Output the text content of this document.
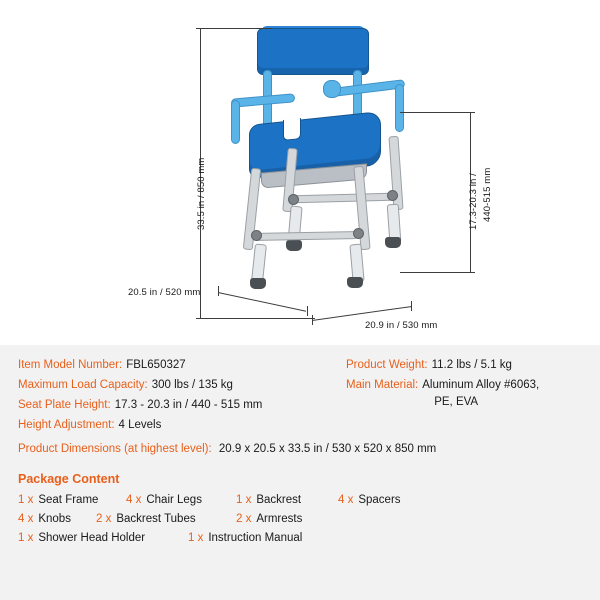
33.5 in / 850 mm	17.3-20.3 in / 440-515 mm
20.5 in / 520 mm
20.9 in / 530 mm
Item Model Number: FBL650327
Maximum Load Capacity: 300 lbs / 135 kg
Seat Plate Height: 17.3 - 20.3 in / 440 - 515 mm
Height Adjustment: 4 Levels
Product Weight: 11.2 lbs / 5.1 kg
Main Material: Aluminum Alloy #6063,
PE, EVA
Product Dimensions (at highest level): 20.9 x 20.5 x 33.5 in / 530 x 520 x 850 mm
Package Content
1 x Seat Frame 4 x Chair Legs	1 x Backrest	4 x Spacers
4 x Knobs 2 x Backrest Tubes	2 x Armrests
1 x Shower Head Holder	1 x Instruction Manual
